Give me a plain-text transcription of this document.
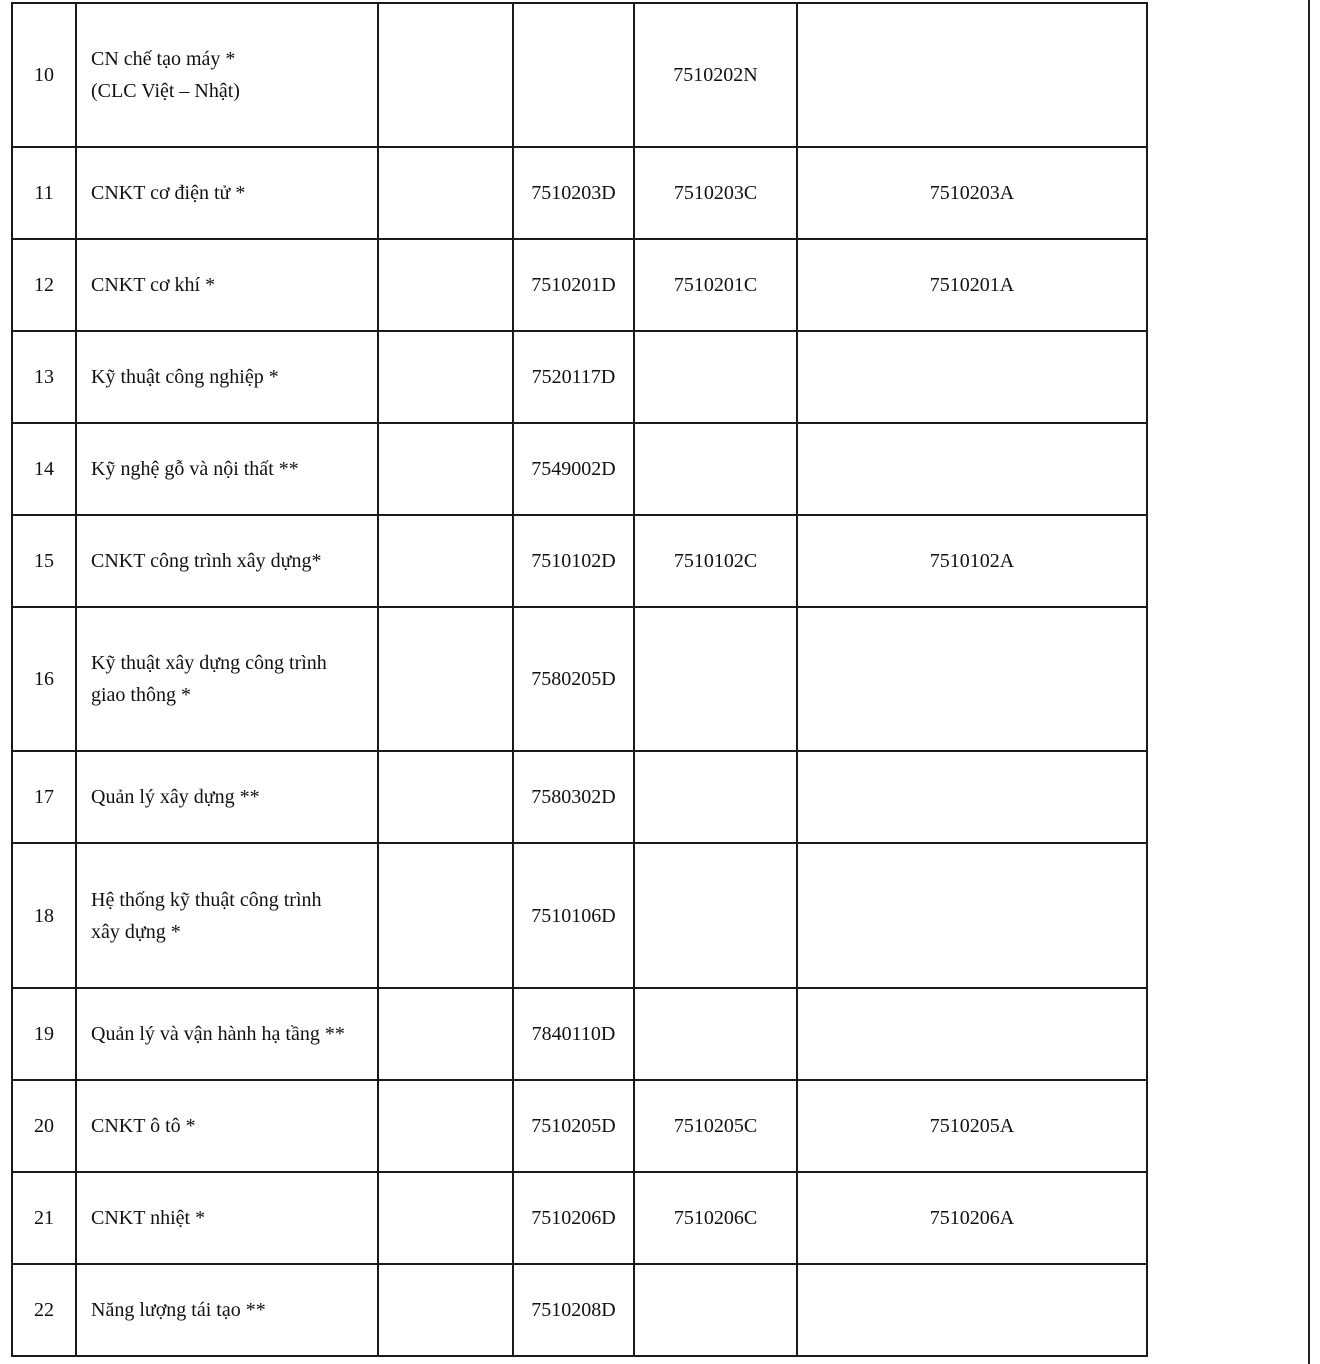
10	CN chế tạo máy *
(CLC Việt – Nhật)			7510202N	
11	CNKT cơ điện tử *		7510203D	7510203C	7510203A
12	CNKT cơ khí *		7510201D	7510201C	7510201A
13	Kỹ thuật công nghiệp *		7520117D		
14	Kỹ nghệ gỗ và nội thất **		7549002D		
15	CNKT công trình xây dựng*		7510102D	7510102C	7510102A
16	Kỹ thuật xây dựng công trình
giao thông *		7580205D		
17	Quản lý xây dựng **		7580302D		
18	Hệ thống kỹ thuật công trình
xây dựng *		7510106D		
19	Quản lý và vận hành hạ tầng **		7840110D		
20	CNKT ô tô *		7510205D	7510205C	7510205A
21	CNKT nhiệt *		7510206D	7510206C	7510206A
22	Năng lượng tái tạo **		7510208D		
